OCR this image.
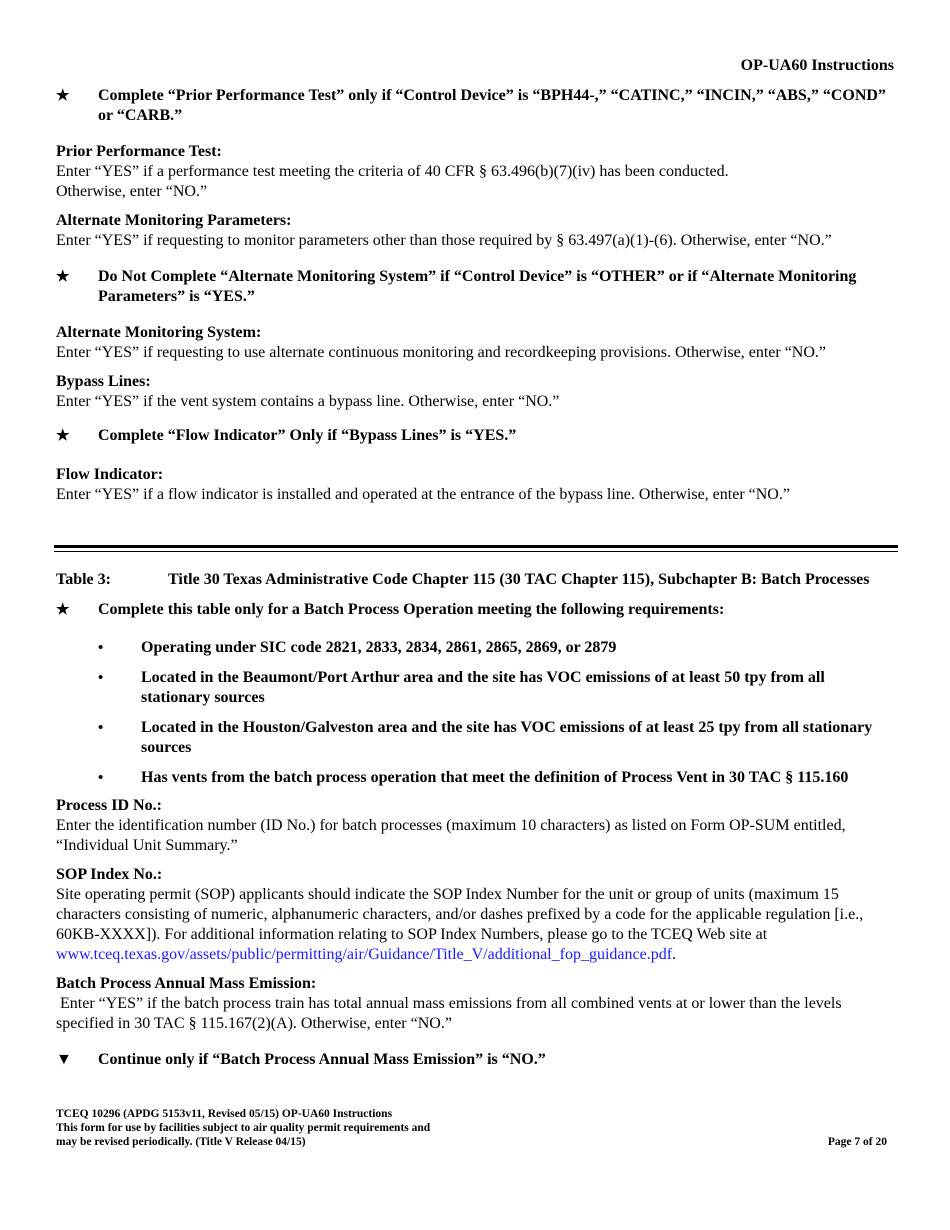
OP-UA60 Instructions
★	Complete “Prior Performance Test” only if “Control Device” is “BPH44-,” “CATINC,” “INCIN,” “ABS,” “COND” or “CARB.”
Prior Performance Test:
Enter “YES” if a performance test meeting the criteria of 40 CFR § 63.496(b)(7)(iv) has been conducted.
Otherwise, enter “NO.”
Alternate Monitoring Parameters:
Enter “YES” if requesting to monitor parameters other than those required by § 63.497(a)(1)-(6). Otherwise, enter “NO.”
★	Do Not Complete “Alternate Monitoring System” if “Control Device” is “OTHER” or if “Alternate Monitoring Parameters” is “YES.”
Alternate Monitoring System:
Enter “YES” if requesting to use alternate continuous monitoring and recordkeeping provisions. Otherwise, enter “NO.”
Bypass Lines:
Enter “YES” if the vent system contains a bypass line. Otherwise, enter “NO.”
★	Complete “Flow Indicator” Only if “Bypass Lines” is “YES.”
Flow Indicator:
Enter “YES” if a flow indicator is installed and operated at the entrance of the bypass line. Otherwise, enter “NO.”
Table 3:	Title 30 Texas Administrative Code Chapter 115 (30 TAC Chapter 115), Subchapter B: Batch Processes
★	Complete this table only for a Batch Process Operation meeting the following requirements:
•	Operating under SIC code 2821, 2833, 2834, 2861, 2865, 2869, or 2879
•	Located in the Beaumont/Port Arthur area and the site has VOC emissions of at least 50 tpy from all stationary sources
•	Located in the Houston/Galveston area and the site has VOC emissions of at least 25 tpy from all stationary sources
•	Has vents from the batch process operation that meet the definition of Process Vent in 30 TAC § 115.160
Process ID No.:
Enter the identification number (ID No.) for batch processes (maximum 10 characters) as listed on Form OP-SUM entitled, “Individual Unit Summary.”
SOP Index No.:
Site operating permit (SOP) applicants should indicate the SOP Index Number for the unit or group of units (maximum 15 characters consisting of numeric, alphanumeric characters, and/or dashes prefixed by a code for the applicable regulation [i.e., 60KB-XXXX]). For additional information relating to SOP Index Numbers, please go to the TCEQ Web site at www.tceq.texas.gov/assets/public/permitting/air/Guidance/Title_V/additional_fop_guidance.pdf.
Batch Process Annual Mass Emission:
Enter “YES” if the batch process train has total annual mass emissions from all combined vents at or lower than the levels specified in 30 TAC § 115.167(2)(A). Otherwise, enter “NO.”
▼	Continue only if “Batch Process Annual Mass Emission” is “NO.”
TCEQ 10296 (APDG 5153v11, Revised 05/15) OP-UA60 Instructions
This form for use by facilities subject to air quality permit requirements and
may be revised periodically. (Title V Release 04/15)	Page 7 of 20
